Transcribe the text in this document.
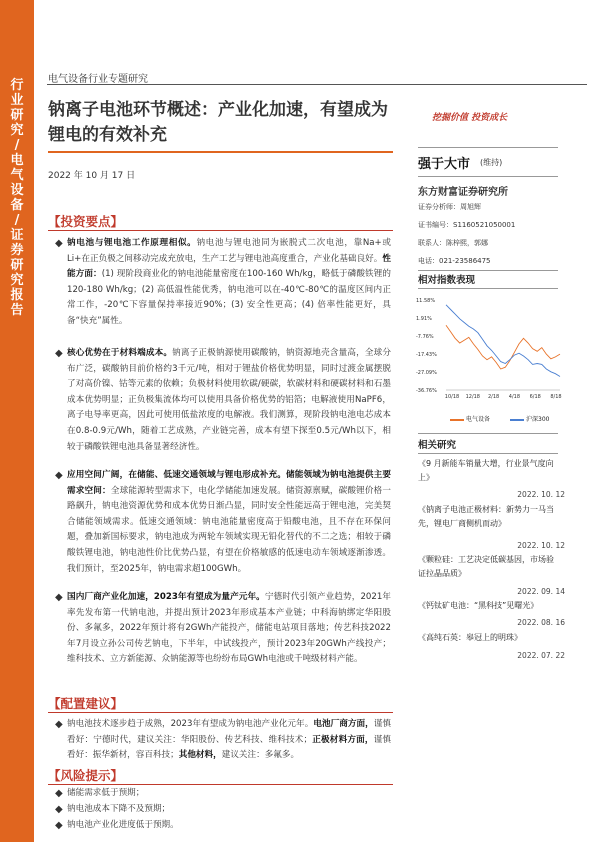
行业研究 / 电气设备 / 证券研究报告
电气设备行业专题研究
钠离子电池环节概述：产业化加速，有望成为锂电的有效补充
挖掘价值 投资成长
2022 年 10 月 17 日
【投资要点】
◆ 钠电池与锂电池工作原理相似。钠电池与锂电池同为嵌脱式二次电池，靠Na+或Li+在正负极之间移动完成充放电，生产工艺与锂电池高度重合，产业化基础良好。性能方面：(1) 现阶段商业化的钠电池能量密度在100-160 Wh/kg，略低于磷酸铁锂的120-180 Wh/kg；(2) 高低温性能优秀，钠电池可以在-40℃-80℃的温度区间内正常工作，-20℃下容量保持率接近90%；(3) 安全性更高；(4) 倍率性能更好，具备“快充”属性。
◆ 核心优势在于材料端成本。钠离子正极钠源使用碳酸钠，钠资源地壳含量高，全球分布广泛，碳酸钠目前价格约3千元/吨，相对于锂盐价格优势明显，同时过渡金属摆脱了对高价镍、钴等元素的依赖；负极材料使用软碳/硬碳，软碳材料和硬碳材料和石墨成本优势明显；正负极集流体均可以使用具备价格优势的铝箔；电解液使用NaPF6，离子电导率更高，因此可使用低盐浓度的电解液。我们测算，现阶段钠电池电芯成本在0.8-0.9元/Wh，随着工艺成熟，产业链完善，成本有望下探至0.5元/Wh以下，相较于磷酸铁锂电池具备显著经济性。
◆ 应用空间广阔，在储能、低速交通领域与锂电形成补充。储能领域为钠电池提供主要需求空间：全球能源转型需求下，电化学储能加速发展。储资源禀赋，碳酸锂价格一路飙升，钠电池资源优势和成本优势日渐凸显，同时安全性能远高于锂电池，完美契合储能领域需求。低速交通领域：钠电池能量密度高于铅酸电池，且不存在环保问题，叠加新国标要求，钠电池成为两轮车领域实现无铅化替代的不二之选；相较于磷酸铁锂电池，钠电池性价比优势凸显，有望在价格敏感的低速电动车领域逐渐渗透。我们预计，至2025年，钠电需求超100GWh。
◆ 国内厂商产业化加速，2023年有望成为量产元年。宁德时代引领产业趋势，2021年率先发布第一代钠电池，并提出预计2023年形成基本产业链；中科海钠绑定华阳股份、多氟多，2022年预计将有2GWh产能投产，储能电站项目落地；传艺科技2022年7月设立孙公司传艺钠电，下半年，中试线投产，预计2023年20GWh产线投产；维科技术、立方新能源、众钠能源等也纷纷布局GWh电池或千吨级材料产能。
【配置建议】
◆ 钠电池技术逐步趋于成熟，2023年有望成为钠电池产业化元年。电池厂商方面，谨慎看好：宁德时代，建议关注：华阳股份、传艺科技、维科技术；正极材料方面，谨慎看好：振华新材，容百科技；其他材料，建议关注：多氟多。
【风险提示】
◆ 储能需求低于预期；
◆ 钠电池成本下降不及预期；
◆ 钠电池产业化进度低于预期。
强于大市 (维持)
东方财富证券研究所
证券分析师：周旭辉
证书编号：S1160521050001
联系人：陈梓熙，郭娜
电话：021-23586475
相对指数表现
11.58%
1.91%
-7.76%
-17.43%
-27.09%
-36.76%
10/18 12/18 2/18 4/18 6/18 8/18
电气设备	沪深300
相关研究
《9 月新能车销量大增，行业景气度向上》
2022. 10. 12
《钠离子电池正极材料：新势力一马当先，锂电厂商侧机而动》
2022. 10. 12
《颗粒硅：工艺决定低碳基因，市场验证拉晶品质》
2022. 09. 14
《钙钛矿电池：“黑科技”见曙光》
2022. 08. 16
《高纯石英：皋冠上的明珠》
2022. 07. 22
